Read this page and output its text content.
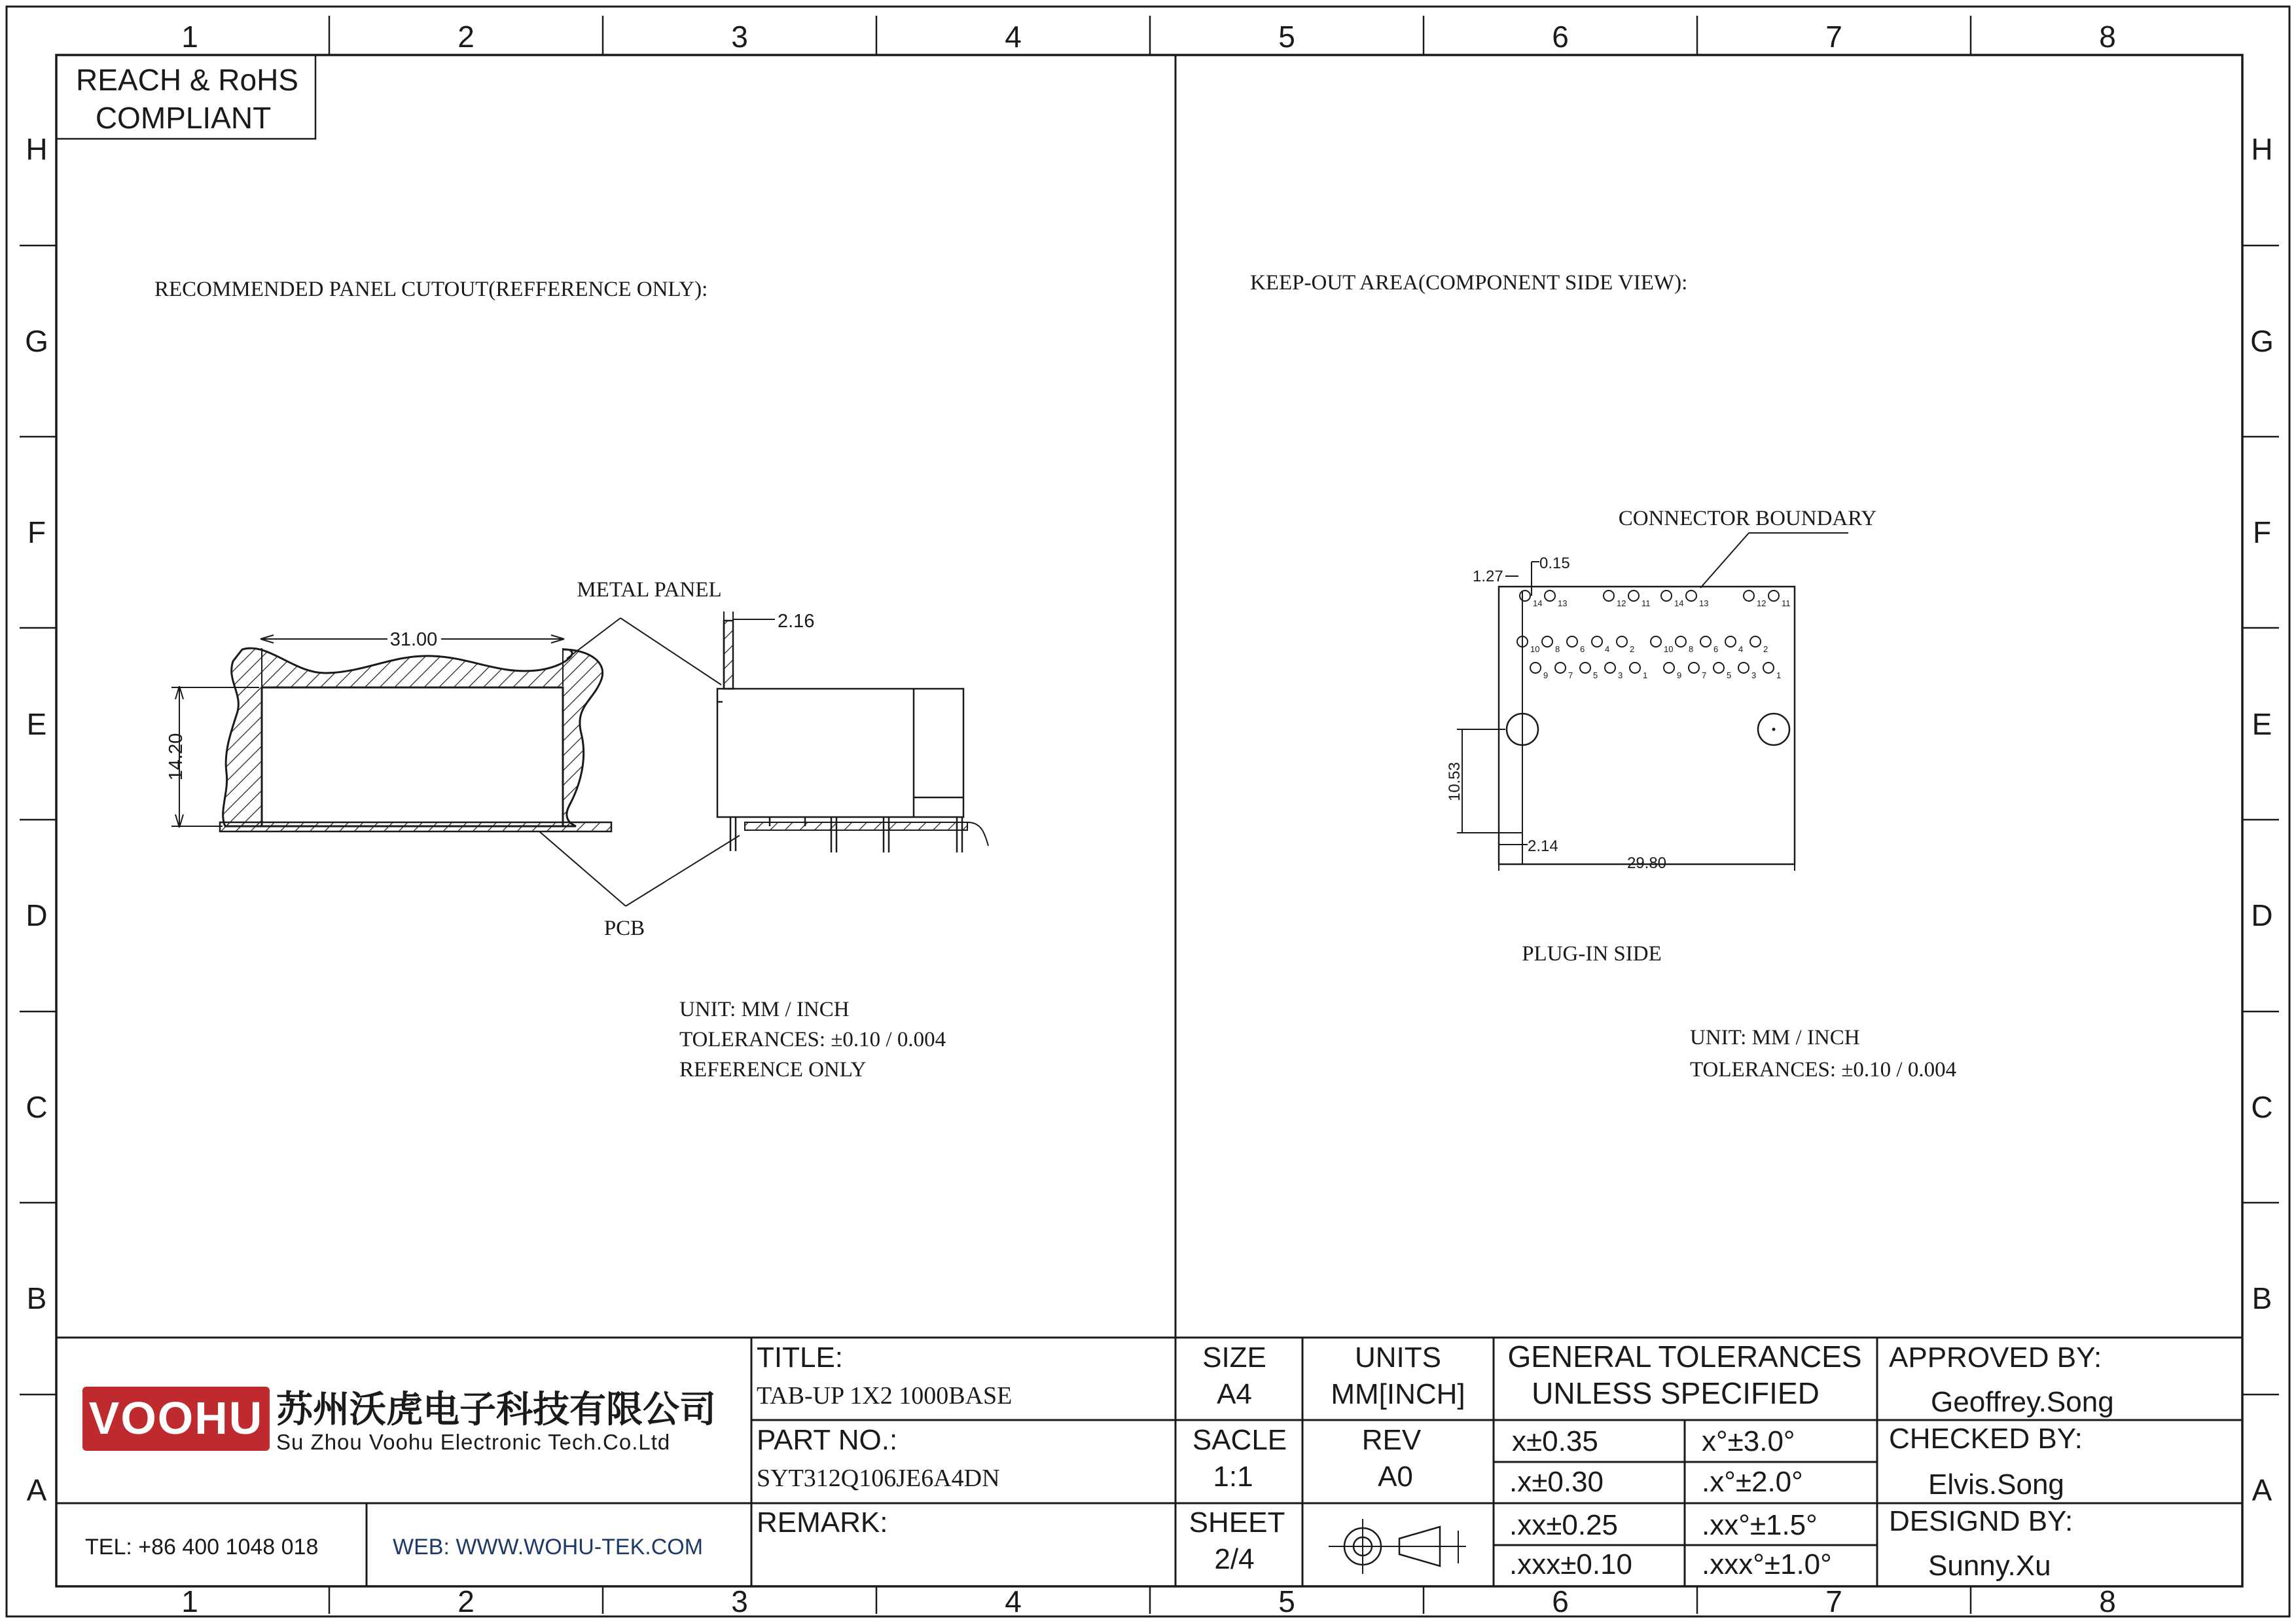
1	2	3	4	5	6	7	8
1	2	3	4	5	6	7	8
H
G
F
E
D
C
B
A
H
G
F
E
D
C
B
A
REACH & RoHS
COMPLIANT
RECOMMENDED PANEL CUTOUT(REFFERENCE ONLY):
31.00
14.20
METAL PANEL
PCB
2.16
UNIT: MM / INCH
TOLERANCES: ±0.10 / 0.004
REFERENCE ONLY
KEEP-OUT AREA(COMPONENT SIDE VIEW):
CONNECTOR BOUNDARY
14 13	12 11	14 13	12 11
10 8 6 4 2	10 8 6 4 2
9 7 5 3 1	9 7 5 3 1
0.15
1.27
10.53
2.14
29.80
PLUG-IN SIDE
UNIT: MM / INCH
TOLERANCES: ±0.10 / 0.004
VOOHU 苏州沃虎电子科技有限公司
Su Zhou Voohu Electronic Tech.Co.Ltd
TEL: +86 400 1048 018	WEB: WWW.WOHU-TEK.COM
TITLE:
TAB-UP 1X2 1000BASE
PART NO.:
SYT312Q106JE6A4DN
REMARK:
SIZE
A4
UNITS
MM[INCH]
SACLE
1:1
REV
A0
SHEET
2/4
GENERAL TOLERANCES
UNLESS SPECIFIED
x±0.35	x°±3.0°
.x±0.30	.x°±2.0°
.xx±0.25	.xx°±1.5°
.xxx±0.10 .xxx°±1.0°
APPROVED BY:
Geoffrey.Song
CHECKED BY:
Elvis.Song
DESIGND BY:
Sunny.Xu
